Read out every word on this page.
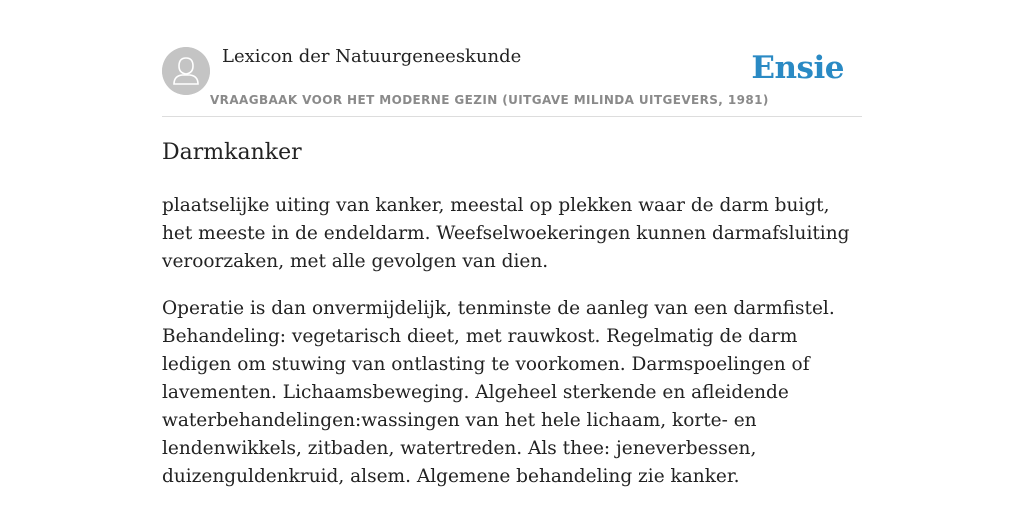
Lexicon der Natuurgeneeskunde
VRAAGBAAK VOOR HET MODERNE GEZIN (UITGAVE MILINDA UITGEVERS, 1981)
Ensie
Darmkanker

plaatselijke uiting van kanker, meestal op plekken waar de darm buigt, het meeste in de endeldarm. Weefselwoekeringen kunnen darmafsluiting veroorzaken, met alle gevolgen van dien.

Operatie is dan onvermijdelijk, tenminste de aanleg van een darmfistel. Behandeling: vegetarisch dieet, met rauwkost. Regelmatig de darm ledigen om stuwing van ontlasting te voorkomen. Darmspoelingen of lavementen. Lichaamsbeweging. Algeheel sterkende en afleidende waterbehandelingen:wassingen van het hele lichaam, korte- en lendenwikkels, zitbaden, watertreden. Als thee: jeneverbessen, duizenguldenkruid, alsem. Algemene behandeling zie kanker.
